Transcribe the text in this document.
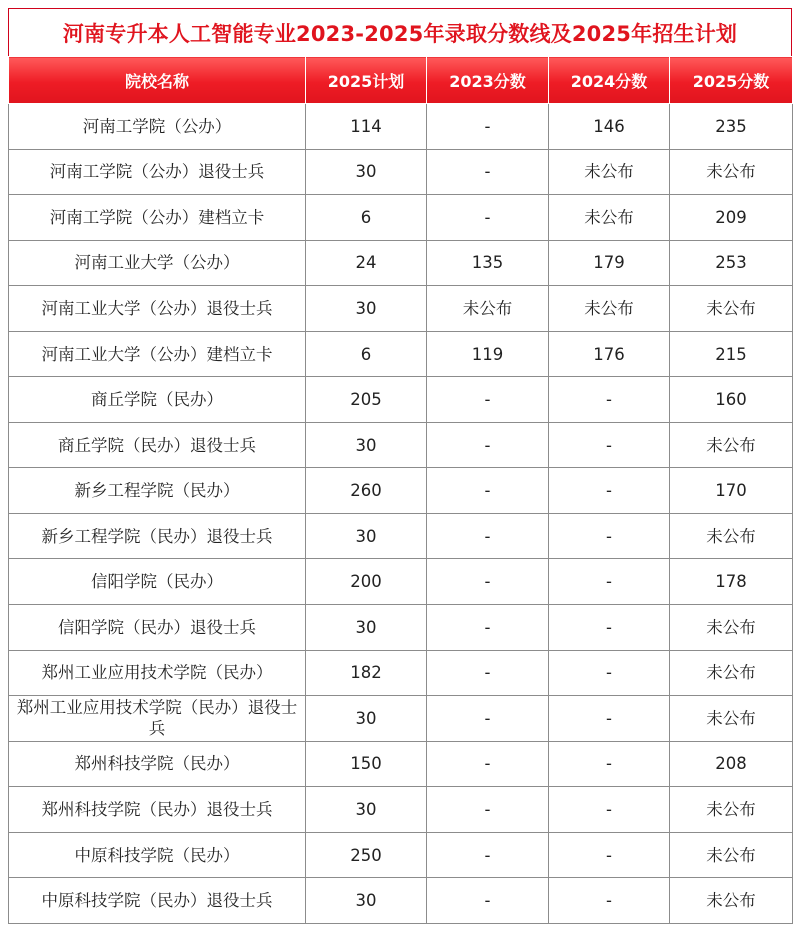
河南专升本人工智能专业2023-2025年录取分数线及2025年招生计划
院校名称	2025计划	2023分数	2024分数	2025分数
河南工学院（公办）	114	-	146	235
河南工学院（公办）退役士兵	30	-	未公布	未公布
河南工学院（公办）建档立卡	6	-	未公布	209
河南工业大学（公办）	24	135	179	253
河南工业大学（公办）退役士兵	30	未公布	未公布	未公布
河南工业大学（公办）建档立卡	6	119	176	215
商丘学院（民办）	205	-	-	160
商丘学院（民办）退役士兵	30	-	-	未公布
新乡工程学院（民办）	260	-	-	170
新乡工程学院（民办）退役士兵	30	-	-	未公布
信阳学院（民办）	200	-	-	178
信阳学院（民办）退役士兵	30	-	-	未公布
郑州工业应用技术学院（民办）	182	-	-	未公布
郑州工业应用技术学院（民办）退役士兵	30	-	-	未公布
郑州科技学院（民办）	150	-	-	208
郑州科技学院（民办）退役士兵	30	-	-	未公布
中原科技学院（民办）	250	-	-	未公布
中原科技学院（民办）退役士兵	30	-	-	未公布
